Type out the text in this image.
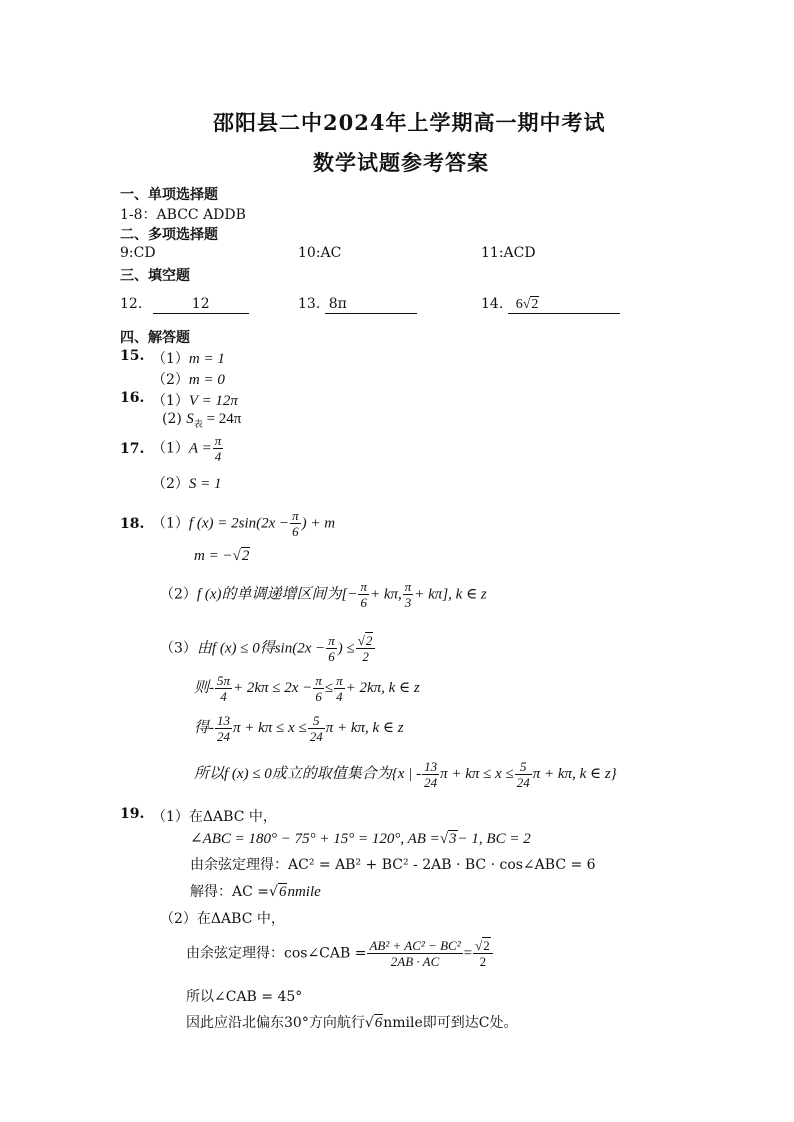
邵阳县二中2024年上学期高一期中考试
数学试题参考答案
一、单项选择题
1-8：ABCC ADDB
二、多项选择题
9:CD	10:AC	11:ACD
三、填空题
12.	12	13. 8π	14. 6√2
四、解答题
15. （1）m = 1
（2）m = 0
16. （1）V = 12π
(2) $S_表 = 24\pi$
17. $(1)A = \frac{\pi}{4}$
（2）S = 1
18. （1）f $(x) = 2\sin(2x - \frac{\pi}{6}$ ) + m
m = −√2
（2）f (x)的单调递增区间为[− $\frac{\pi}{6} + k\pi$, $\frac{\pi}{3} + k\pi$], k ∈ z
（3）由f (x) ≤ 0得$\sin(2x - \frac{\pi}{6}$ ) ≤ $\frac{√2}{2}$
则- $\frac{5\pi}{4} + 2k\pi \le 2x - \frac{\pi}{6} \le \frac{\pi}{4} + 2k\pi$, k ∈ z
得- $\frac{13}{24}$ $\pi + k\pi \le x \le \frac{5}{24}$ π + kπ, k ∈ z
所以f (x) ≤ 0成立的取值集合为{x | - $\frac{13}{24}$ $\pi + k\pi \le x \le \frac{5}{24}$ π + kπ, k ∈ z}
19. （1）在ΔABC 中，
∠ABC = 180° − 75° + 15° = 120°, AB =√3− 1, BC = 2
由余弦定理得：AC² = AB² + BC² - 2AB · BC · cos∠ABC = 6
解得：AC =√6nmile
（2）在ΔABC 中，
由余弦定理得：cos∠CAB = $\frac{\text{AB² + AC² − BC²}}{2AB \cdot AC} = \frac{√2}{2}$
所以∠CAB = 45°
因此应沿北偏东30°方向航行√6nmile即可到达C处。
